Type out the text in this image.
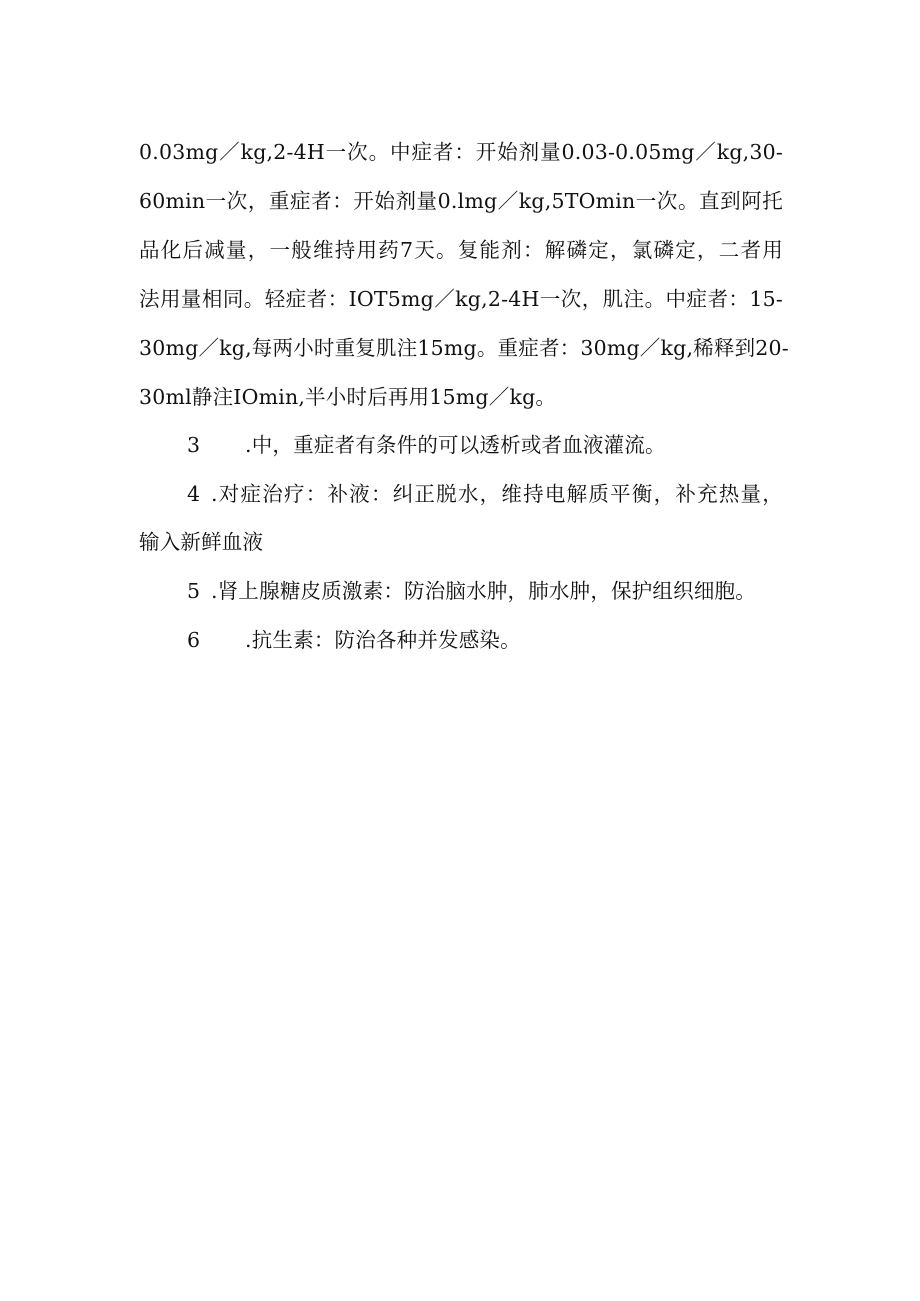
0.03mg／kg,2-4H一次。中症者：开始剂量0.03-0.05mg／kg,30-
60min一次，重症者：开始剂量0.lmg／kg,5TOmin一次。直到阿托
品化后减量，一般维持用药7天。复能剂：解磷定，氯磷定，二者用
法用量相同。轻症者：IOT5mg／kg,2-4H一次，肌注。中症者：15-
30mg／kg,每两小时重复肌注15mg。重症者：30mg／kg,稀释到20-
30ml静注IOmin,半小时后再用15mg／kg。
3 .中，重症者有条件的可以透析或者血液灌流。
4 .对症治疗：补液：纠正脱水，维持电解质平衡，补充热量，
输入新鲜血液
5 .肾上腺糖皮质激素：防治脑水肿，肺水肿，保护组织细胞。
6 .抗生素：防治各种并发感染。
